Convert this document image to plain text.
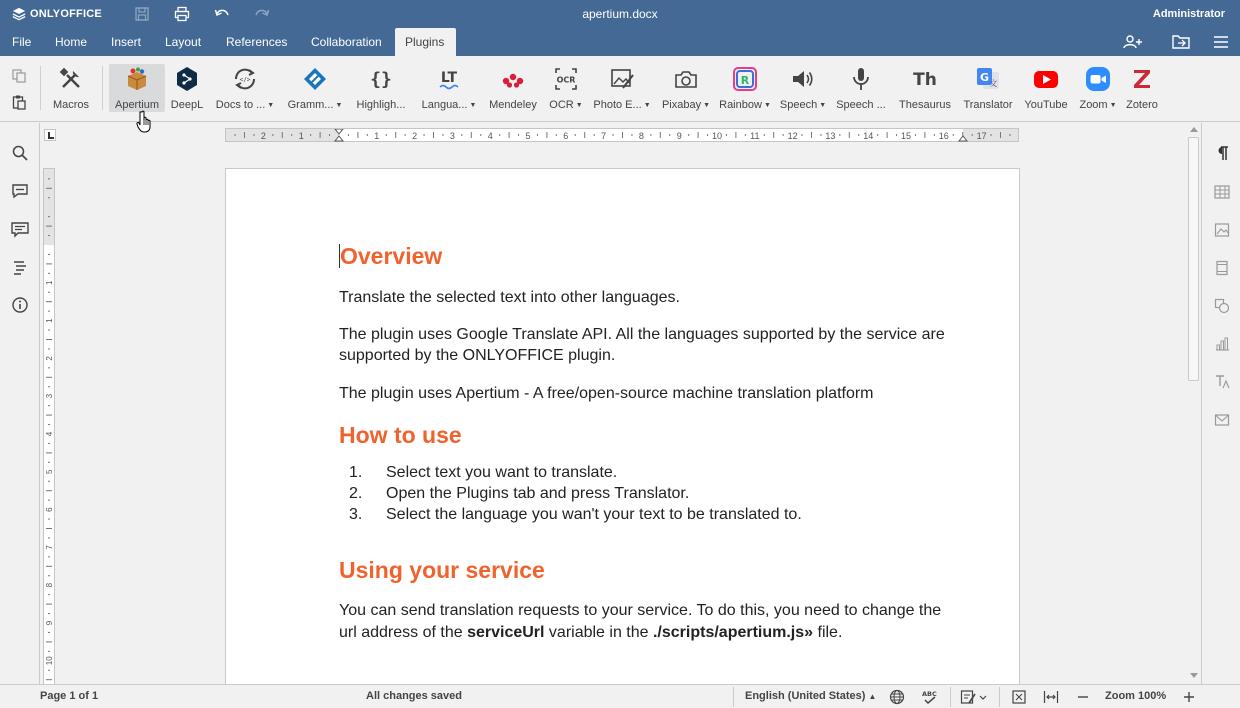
ONLYOFFICE	apertium.docx	Administrator
File	Home	Insert	Layout	References	Collaboration	Plugins
Macros Apertium DeepL
</>
Docs to ... ▼ Gramm... ▼
{}
Highligh...
LT
Langua... ▼ Mendeley
OCR
OCR ▼ Photo E... ▼ Pixabay ▼
R
Rainbow ▼ Speech ▼ Speech ...
Th
Thesaurus
G 文
Translator YouTube Zoom ▼ Zotero
2	1	1	2	3	4	5	6	7	8	9	10	11	12	13	14	15	16	17
1
1
2
3
4
5
6
7
8
9
10
Overview
Translate the selected text into other languages.
The plugin uses Google Translate API. All the languages supported by the service are supported by the ONLYOFFICE plugin.
The plugin uses Apertium - A free/open-source machine translation platform
How to use
1.	Select text you want to translate.
2.	Open the Plugins tab and press Translator.
3.	Select the language you wan't your text to be translated to.
Using your service
You can send translation requests to your service. To do this, you need to change the url address of the serviceUrl variable in the ./scripts/apertium.js» file.
Page 1 of 1	All changes saved	English (United States) ▲	ABC	Zoom 100%
